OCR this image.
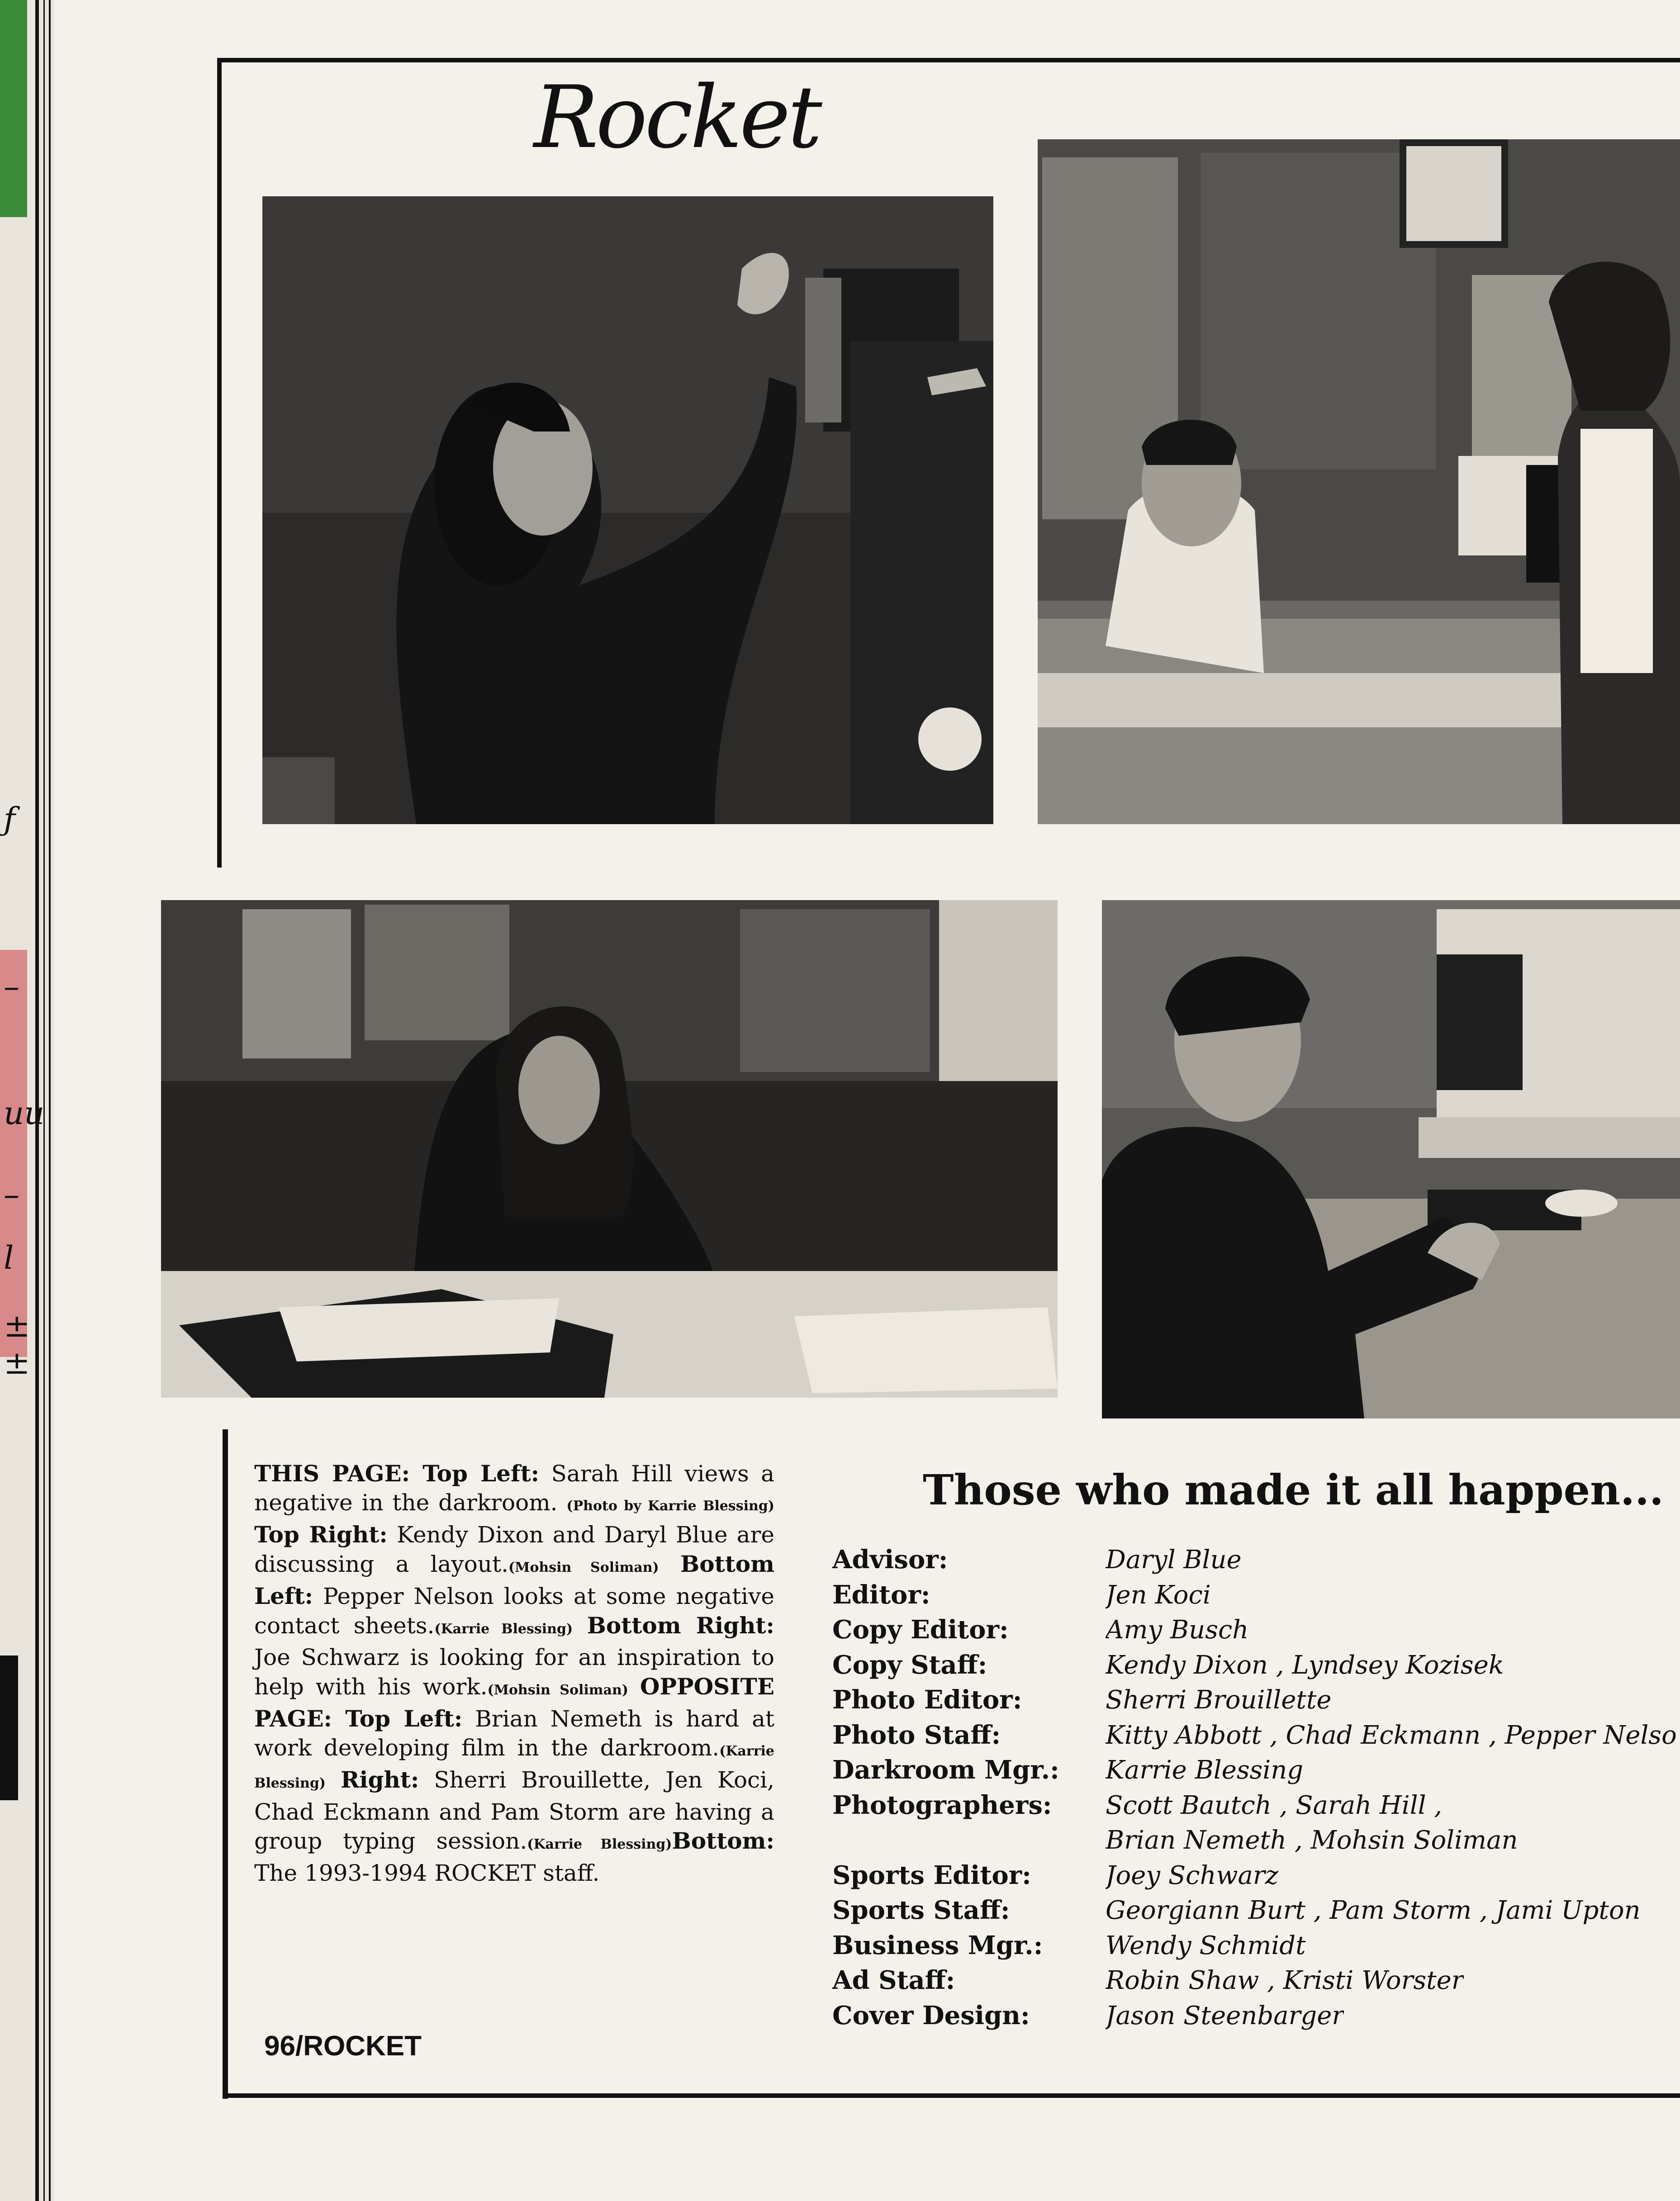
ƒ
–
uu
–
l
±±
Rocket
THIS PAGE: Top Left: Sarah Hill views a negative in the darkroom. (Photo by Karrie Blessing) Top Right: Kendy Dixon and Daryl Blue are discussing a layout.(Mohsin Soliman) Bottom Left: Pepper Nelson looks at some negative contact sheets.(Karrie Blessing) Bottom Right: Joe Schwarz is looking for an inspiration to help with his work.(Mohsin Soliman) OPPOSITE PAGE: Top Left: Brian Nemeth is hard at work developing film in the darkroom.(Karrie Blessing) Right: Sherri Brouillette, Jen Koci, Chad Eckmann and Pam Storm are having a group typing session.(Karrie Blessing)Bottom: The 1993-1994 ROCKET staff.
96/ROCKET
Those who made it all happen...
Advisor:	Daryl Blue
Editor:	Jen Koci
Copy Editor:	Amy Busch
Copy Staff:	Kendy Dixon , Lyndsey Kozisek
Photo Editor:	Sherri Brouillette
Photo Staff:	Kitty Abbott , Chad Eckmann , Pepper Nelso
Darkroom Mgr.:	Karrie Blessing
Photographers:	Scott Bautch , Sarah Hill ,
Brian Nemeth , Mohsin Soliman
Sports Editor:	Joey Schwarz
Sports Staff:	Georgiann Burt , Pam Storm , Jami Upton
Business Mgr.:	Wendy Schmidt
Ad Staff:	Robin Shaw , Kristi Worster
Cover Design:	Jason Steenbarger
